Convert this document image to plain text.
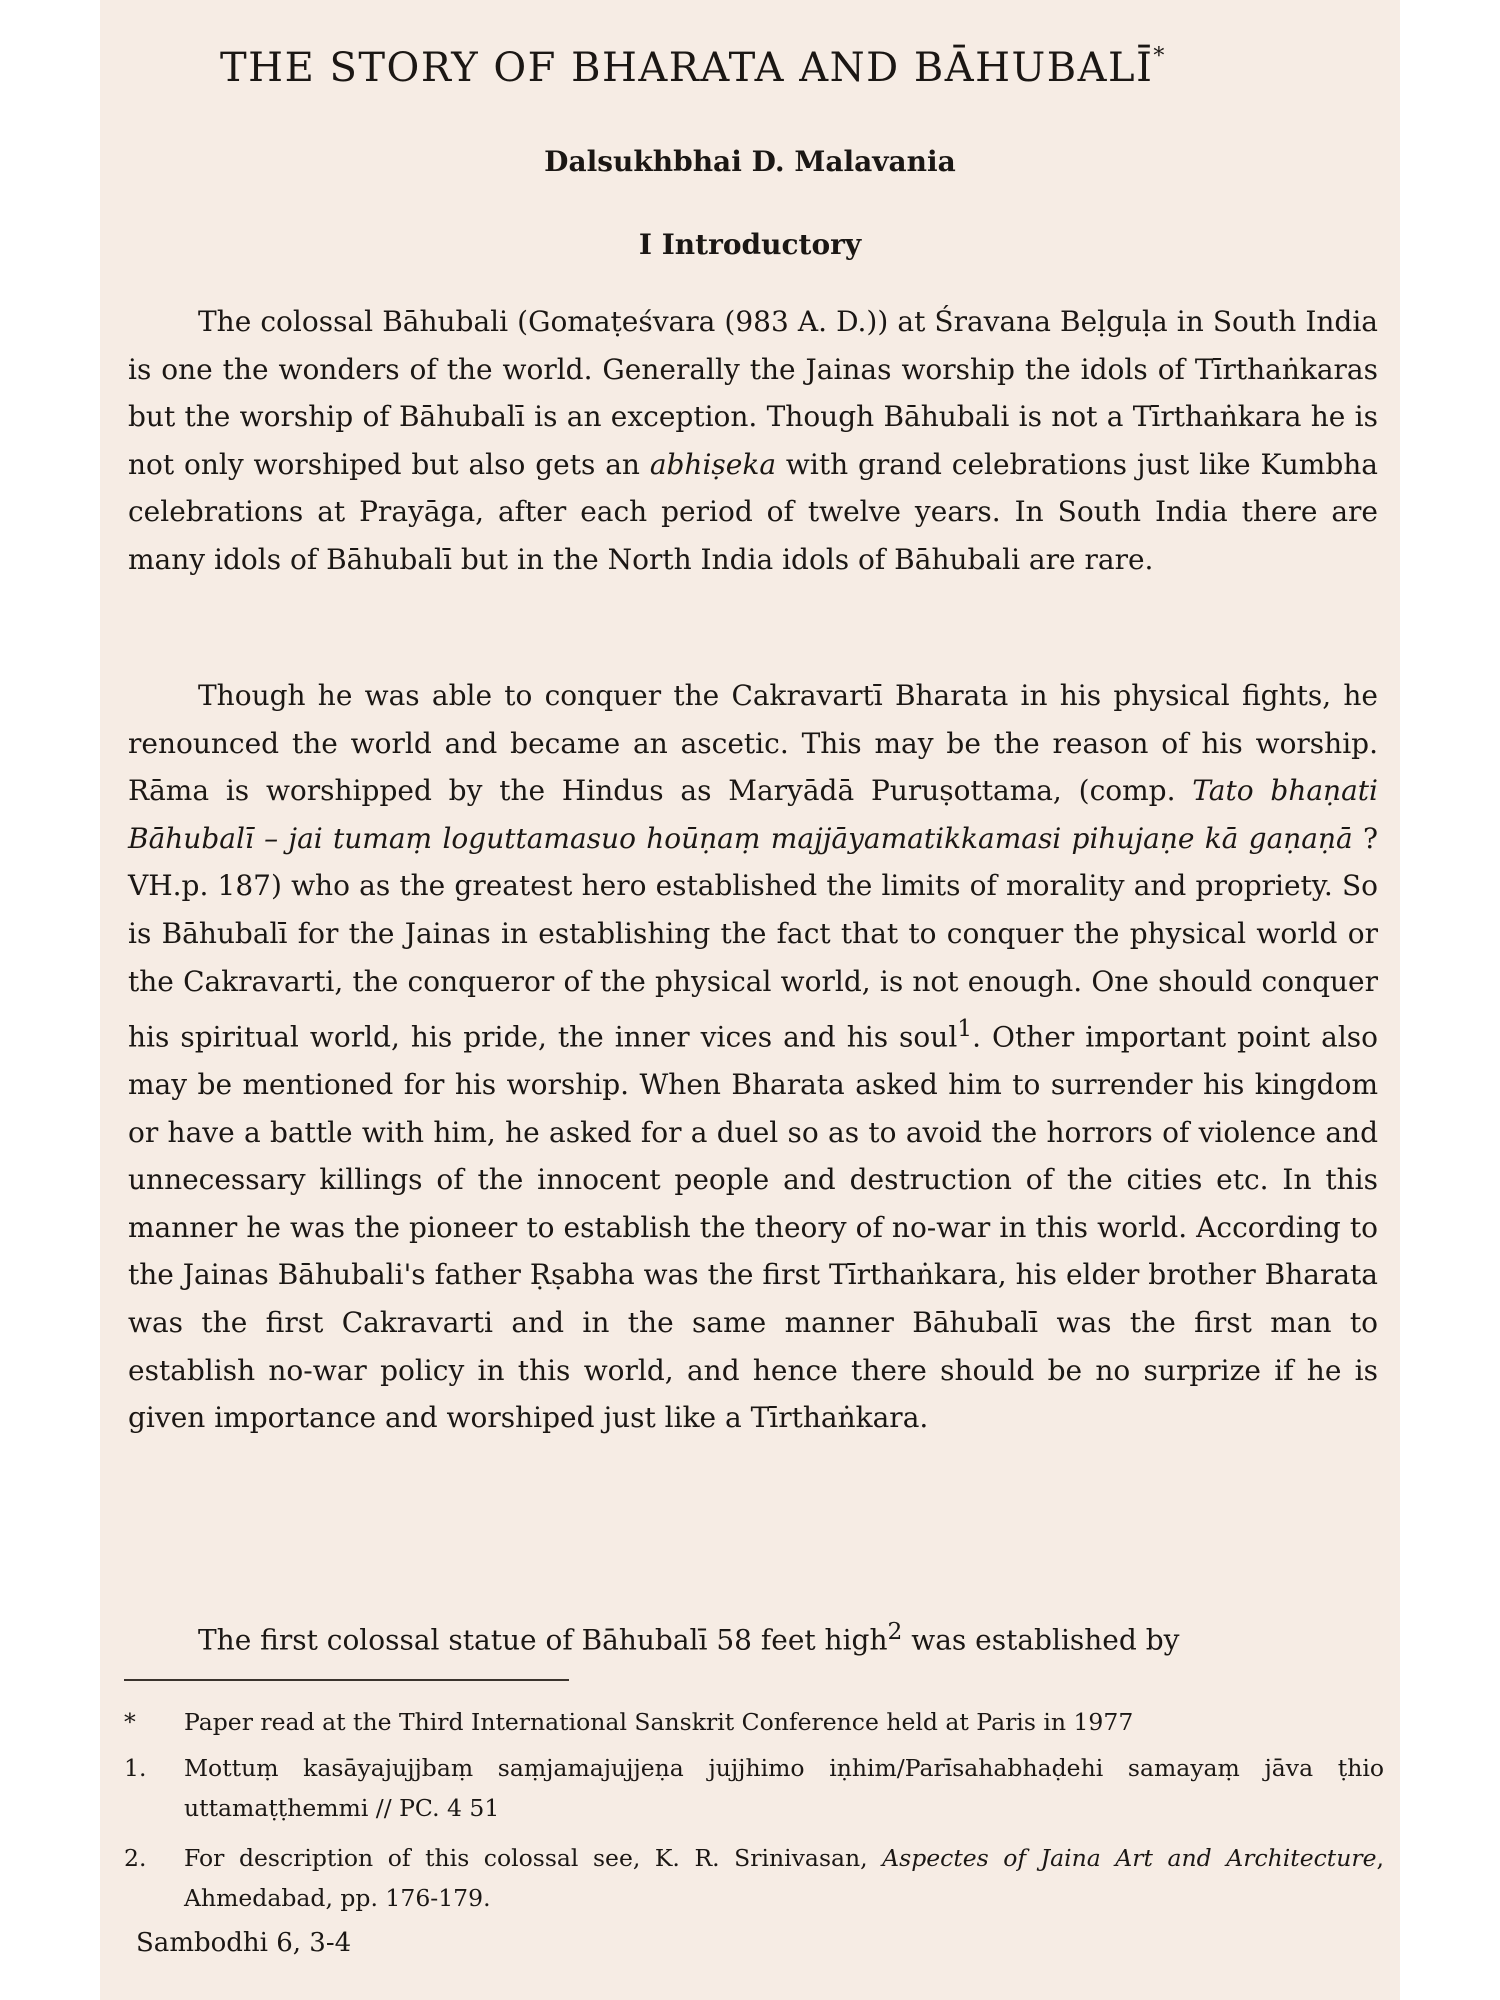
THE STORY OF BHARATA AND BĀHUBALĪ*
Dalsukhbhai D. Malavania
I Introductory

The colossal Bāhubali (Gomaṭeśvara (983 A. D.)) at Śravana Beḷguḷa in South India is one the wonders of the world. Generally the Jainas worship the idols of Tīrthaṅkaras but the worship of Bāhubalī is an exception. Though Bāhubali is not a Tīrthaṅkara he is not only worshiped but also gets an abhiṣeka with grand celebrations just like Kumbha celebrations at Prayāga, after each period of twelve years. In South India there are many idols of Bāhubalī but in the North India idols of Bāhubali are rare.

Though he was able to conquer the Cakravartī Bharata in his physical fights, he renounced the world and became an ascetic. This may be the reason of his worship. Rāma is worshipped by the Hindus as Maryādā Puruṣottama, (comp. Tato bhaṇati Bāhubalī – jai tumaṃ loguttamasuo hoūṇaṃ majjāyamatikkamasi pihujaṇe kā gaṇaṇā ? VH.p. 187) who as the greatest hero established the limits of morality and propriety. So is Bāhubalī for the Jainas in establishing the fact that to conquer the physical world or the Cakravarti, the conqueror of the physical world, is not enough. One should conquer his spiritual world, his pride, the inner vices and his soul$^1$. Other important point also may be mentioned for his worship. When Bharata asked him to surrender his kingdom or have a battle with him, he asked for a duel so as to avoid the horrors of violence and unnecessary killings of the innocent people and destruction of the cities etc. In this manner he was the pioneer to establish the theory of no-war in this world. According to the Jainas Bāhubali's father Ṛṣabha was the first Tīrthaṅkara, his elder brother Bharata was the first Cakravarti and in the same manner Bāhubalī was the first man to establish no-war policy in this world, and hence there should be no surprize if he is given importance and worshiped just like a Tīrthaṅkara.

The first colossal statue of Bāhubalī 58 feet high$^2$ was established by

*	Paper read at the Third International Sanskrit Conference held at Paris in 1977
1.	Mottuṃ kasāyajujjbaṃ saṃjamajujjeṇa jujjhimo iṇhim/Parīsahabhaḍehi samayaṃ jāva ṭhio uttamaṭṭhemmi // PC. 4 51
2.	For description of this colossal see, K. R. Srinivasan, Aspectes of Jaina Art and Architecture, Ahmedabad, pp. 176-179.
Sambodhi 6, 3-4
